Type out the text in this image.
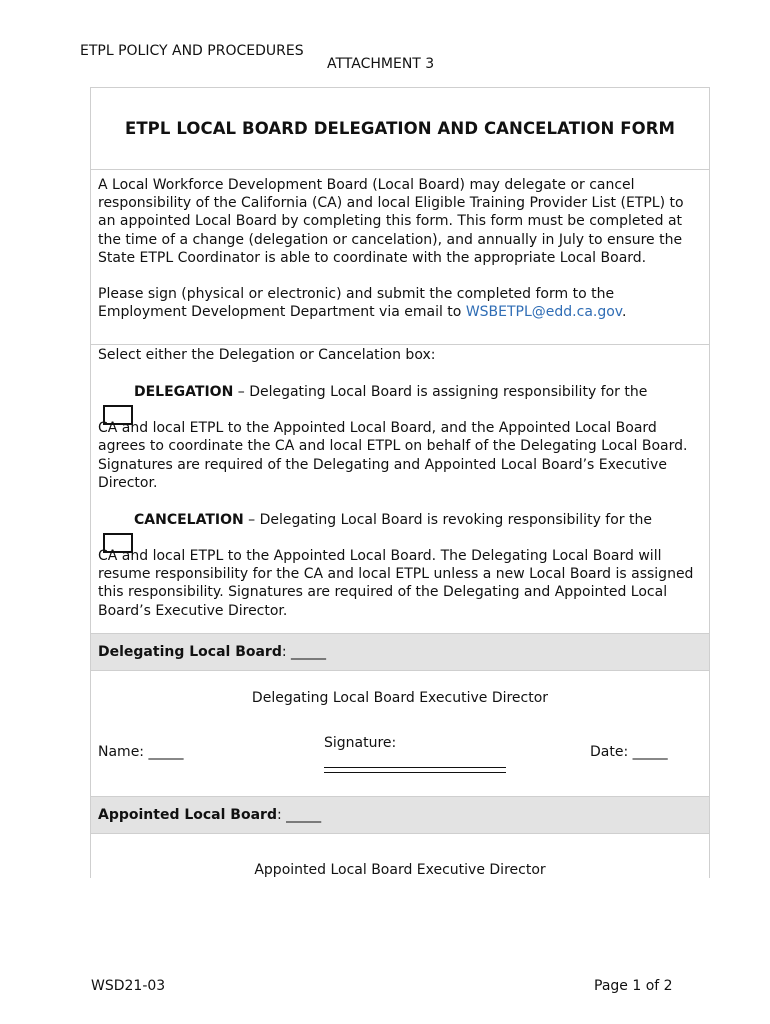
ETPL POLICY AND PROCEDURES
ATTACHMENT 3
ETPL LOCAL BOARD DELEGATION AND CANCELATION FORM

A Local Workforce Development Board (Local Board) may delegate or cancel responsibility of the California (CA) and local Eligible Training Provider List (ETPL) to an appointed Local Board by completing this form. This form must be completed at the time of a change (delegation or cancelation), and annually in July to ensure the State ETPL Coordinator is able to coordinate with the appropriate Local Board.

Please sign (physical or electronic) and submit the completed form to the Employment Development Department via email to WSBETPL@edd.ca.gov.

Select either the Delegation or Cancelation box:
DELEGATION – Delegating Local Board is assigning responsibility for the
CA and local ETPL to the Appointed Local Board, and the Appointed Local Board agrees to coordinate the CA and local ETPL on behalf of the Delegating Local Board. Signatures are required of the Delegating and Appointed Local Board’s Executive Director.
CANCELATION – Delegating Local Board is revoking responsibility for the
CA and local ETPL to the Appointed Local Board. The Delegating Local Board will resume responsibility for the CA and local ETPL unless a new Local Board is assigned this responsibility. Signatures are required of the Delegating and Appointed Local Board’s Executive Director.
Delegating Local Board : _____
Delegating Local Board Executive Director
Name: _____
Signature:
Date: _____
Appointed Local Board : _____
Appointed Local Board Executive Director
WSD21-03	Page 1 of 2
